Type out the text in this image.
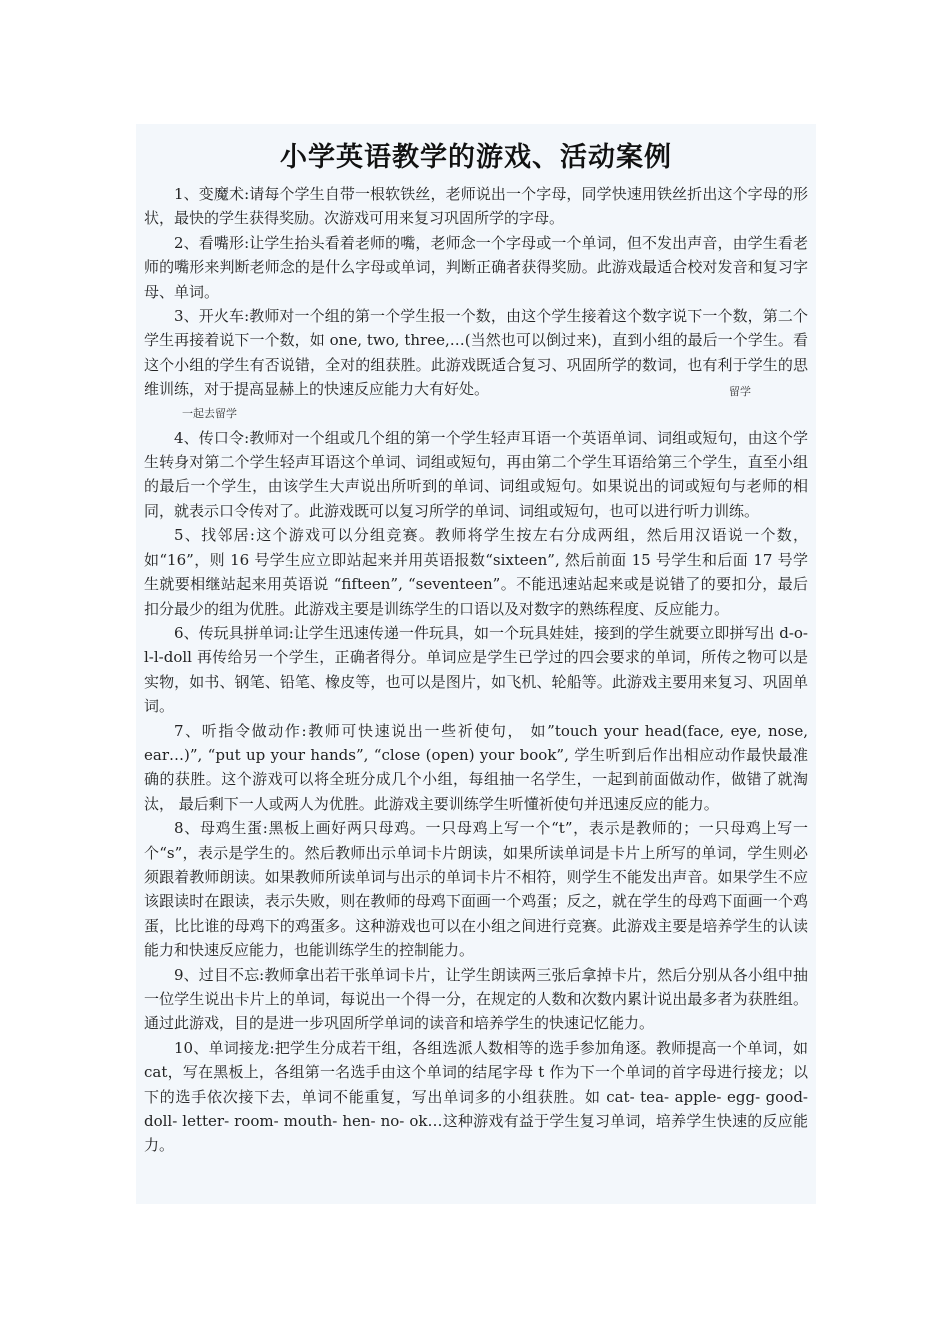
小学英语教学的游戏、活动案例

1、变魔术:请每个学生自带一根软铁丝，老师说出一个字母，同学快速用铁丝折出这个字母的形状，最快的学生获得奖励。次游戏可用来复习巩固所学的字母。

2、看嘴形:让学生抬头看着老师的嘴，老师念一个字母或一个单词，但不发出声音，由学生看老师的嘴形来判断老师念的是什么字母或单词，判断正确者获得奖励。此游戏最适合校对发音和复习字母、单词。

3、开火车:教师对一个组的第一个学生报一个数，由这个学生接着这个数字说下一个数，第二个学生再接着说下一个数，如 one, two, three,…(当然也可以倒过来)，直到小组的最后一个学生。看这个小组的学生有否说错，全对的组获胜。此游戏既适合复习、巩固所学的数词，也有利于学生的思维训练，对于提高显赫上的快速反应能力大有好处。	留学

一起去留学

4、传口令:教师对一个组或几个组的第一个学生轻声耳语一个英语单词、词组或短句，由这个学生转身对第二个学生轻声耳语这个单词、词组或短句，再由第二个学生耳语给第三个学生，直至小组的最后一个学生，由该学生大声说出所听到的单词、词组或短句。如果说出的词或短句与老师的相同，就表示口令传对了。此游戏既可以复习所学的单词、词组或短句，也可以进行听力训练。

5、找邻居:这个游戏可以分组竞赛。教师将学生按左右分成两组，然后用汉语说一个数，如“16”，则 16 号学生应立即站起来并用英语报数“sixteen”, 然后前面 15 号学生和后面 17 号学生就要相继站起来用英语说 “fifteen”, “seventeen”。不能迅速站起来或是说错了的要扣分，最后扣分最少的组为优胜。此游戏主要是训练学生的口语以及对数字的熟练程度、反应能力。

6、传玩具拼单词:让学生迅速传递一件玩具，如一个玩具娃娃，接到的学生就要立即拼写出 d-o-l-l-doll 再传给另一个学生，正确者得分。单词应是学生已学过的四会要求的单词，所传之物可以是实物，如书、钢笔、铅笔、橡皮等，也可以是图片，如飞机、轮船等。此游戏主要用来复习、巩固单词。

7、听指令做动作:教师可快速说出一些祈使句， 如”touch your head(face, eye, nose, ear…)”, “put up your hands”, “close (open) your book”, 学生听到后作出相应动作最快最准确的获胜。这个游戏可以将全班分成几个小组，每组抽一名学生，一起到前面做动作，做错了就淘汰， 最后剩下一人或两人为优胜。此游戏主要训练学生听懂祈使句并迅速反应的能力。

8、母鸡生蛋:黑板上画好两只母鸡。一只母鸡上写一个“t”，表示是教师的；一只母鸡上写一个“s”，表示是学生的。然后教师出示单词卡片朗读，如果所读单词是卡片上所写的单词，学生则必须跟着教师朗读。如果教师所读单词与出示的单词卡片不相符，则学生不能发出声音。如果学生不应该跟读时在跟读，表示失败，则在教师的母鸡下面画一个鸡蛋；反之，就在学生的母鸡下面画一个鸡蛋，比比谁的母鸡下的鸡蛋多。这种游戏也可以在小组之间进行竞赛。此游戏主要是培养学生的认读能力和快速反应能力，也能训练学生的控制能力。

9、过目不忘:教师拿出若干张单词卡片，让学生朗读两三张后拿掉卡片，然后分别从各小组中抽一位学生说出卡片上的单词，每说出一个得一分，在规定的人数和次数内累计说出最多者为获胜组。通过此游戏，目的是进一步巩固所学单词的读音和培养学生的快速记忆能力。

10、单词接龙:把学生分成若干组，各组选派人数相等的选手参加角逐。教师提高一个单词，如 cat，写在黑板上，各组第一名选手由这个单词的结尾字母 t 作为下一个单词的首字母进行接龙；以下的选手依次接下去，单词不能重复，写出单词多的小组获胜。如 cat- tea- apple- egg- good- doll- letter- room- mouth- hen- no- ok…这种游戏有益于学生复习单词，培养学生快速的反应能力。
